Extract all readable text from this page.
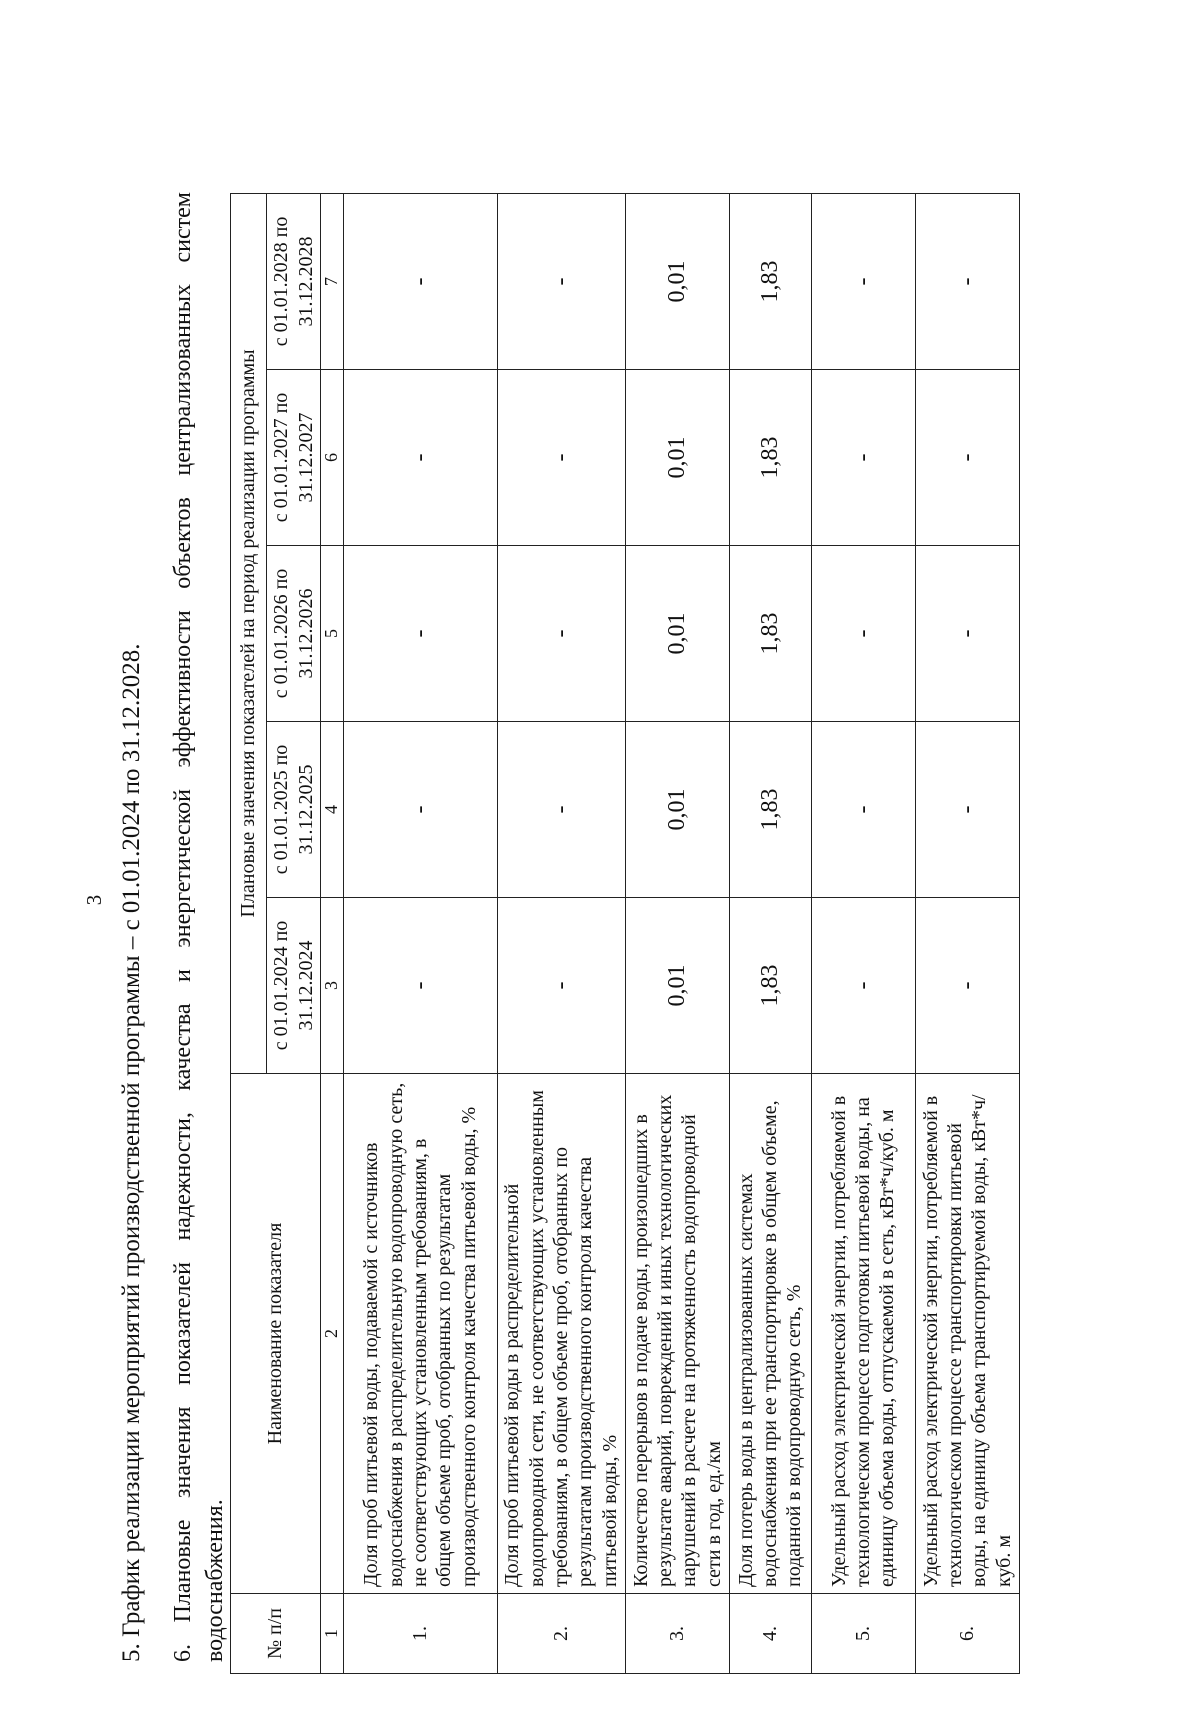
3 5. График реализации мероприятий производственной программы – с 01.01.2024 по 31.12.2028. 6. Плановые значения показателей надежности, качества и энергетической эффективности объектов централизованных систем водоснабжения. № п/п	Наименование показателя	Плановые значения показателей на период реализации программы				
		с 01.01.2024 по 31.12.2024	с 01.01.2025 по 31.12.2025	с 01.01.2026 по 31.12.2026	с 01.01.2027 по 31.12.2027	с 01.01.2028 по 31.12.2028
1	2	3	4	5	6	7
1.	Доля проб питьевой воды, подаваемой с источников водоснабжения в распределительную водопроводную сеть, не соответствующих установленным требованиям, в общем объеме проб, отобранных по результатам производственного контроля качества питьевой воды, %	-	-	-	-	-
2.	Доля проб питьевой воды в распределительной водопроводной сети, не соответствующих установленным требованиям, в общем объеме проб, отобранных по результатам производственного контроля качества питьевой воды, %	-	-	-	-	-
3.	Количество перерывов в подаче воды, произошедших в результате аварий, повреждений и иных технологических нарушений в расчете на протяженность водопроводной сети в год, ед./км	0,01	0,01	0,01	0,01	0,01
4.	Доля потерь воды в централизованных системах водоснабжения при ее транспортировке в общем объеме, поданной в водопроводную сеть, %	1,83	1,83	1,83	1,83	1,83
5.	Удельный расход электрической энергии, потребляемой в технологическом процессе подготовки питьевой воды, на единицу объема воды, отпускаемой в сеть, кВт*ч/куб. м	-	-	-	-	-
6.	Удельный расход электрической энергии, потребляемой в технологическом процессе транспортировки питьевой воды, на единицу объема транспортируемой воды, кВт*ч/куб. м	-	-	-	-	-
